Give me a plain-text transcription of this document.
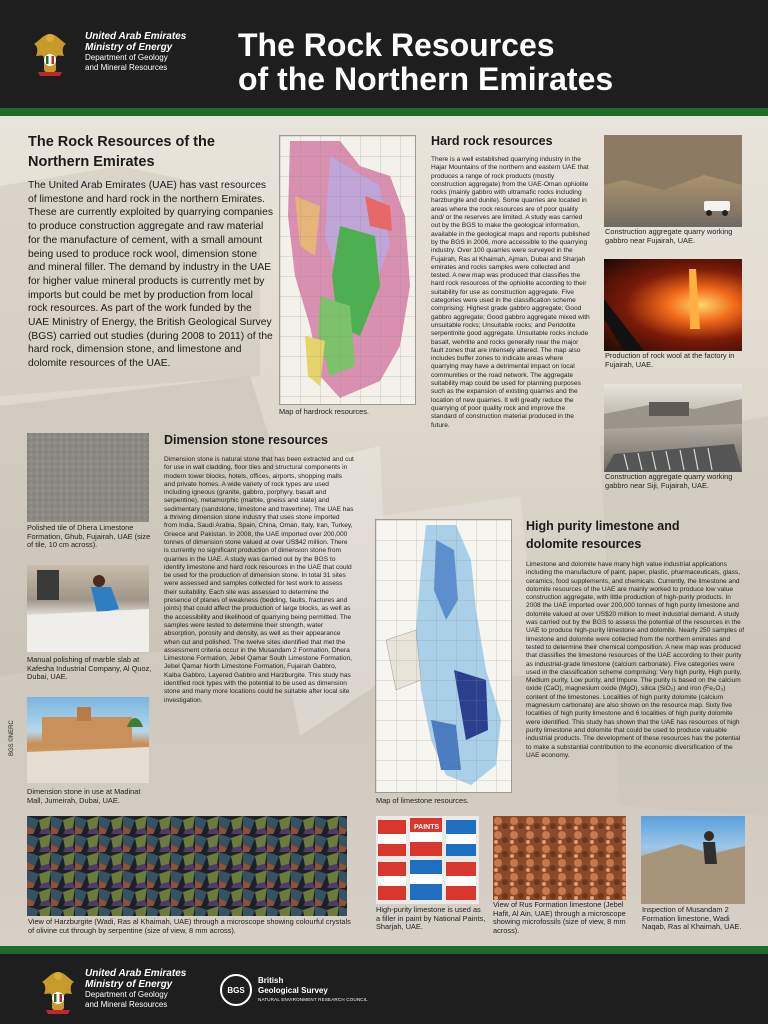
United Arab Emirates
Ministry of Energy
Department of Geology
and Mineral Resources
The Rock Resources
of the Northern Emirates
The Rock Resources of the
Northern Emirates
The United Arab Emirates (UAE) has vast resources of limestone and hard rock in the northern Emirates. These are currently exploited by quarrying companies to produce construction aggregate and raw material for the manufacture of cement, with a small amount being used to produce rock wool, dimension stone and mineral filler. The demand by industry in the UAE for higher value mineral products is currently met by imports but could be met by production from local rock resources. As part of the work funded by the UAE Ministry of Energy, the British Geological Survey (BGS) carried out studies (during 2008 to 2011) of the hard rock, dimension stone, and limestone and dolomite resources of the UAE.
Map of hardrock resources.
Hard rock resources
There is a well established quarrying industry in the Hajar Mountains of the northern and eastern UAE that produces a range of rock products (mostly construction aggregate) from the UAE-Oman ophiolite rocks (mainly gabbro with ultramafic rocks including harzburgite and dunite). Some quarries are located in areas where the rock resources are of poor quality and/ or the reserves are limited. A study was carried out by the BGS to make the geological information, available in the geological maps and reports published by the BGS in 2006, more accessible to the quarrying industry. Over 100 quarries were surveyed in the Fujairah, Ras al Khaimah, Ajman, Dubai and Sharjah emirates and rocks samples were collected and tested. A new map was produced that classifies the hard rock resources of the ophiolite according to their suitability for use as construction aggregate. Five categories were used in the classification scheme comprising: Highest grade gabbro aggregate; Good gabbro aggregate; Good gabbro aggregate mixed with unsuitable rocks; Unsuitable rocks; and Peridotite serpentinite good aggregate. Unsuitable rocks include basalt, wehrlite and rocks generally near the major fault zones that are intensely altered. The map also includes buffer zones to indicate areas where quarrying may have a detrimental impact on local communities or the road network. The aggregate suitability map could be used for planning purposes such as the expansion of existing quarries and the location of new quarries. It will greatly reduce the quarrying of poor quality rock and improve the standard of construction material produced in the future.
Construction aggregate quarry working gabbro near Fujairah, UAE.
Production of rock wool at the factory in Fujairah, UAE.
Construction aggregate quarry working gabbro near Siji, Fujairah, UAE.
Polished tile of Dhera Limestone Formation, Ghub, Fujairah, UAE (size of tile, 10 cm across).
Manual polishing of marble slab at Kafesha Industrial Company, Al Quoz, Dubai, UAE.
Dimension stone in use at Madinat Mall, Jumeirah, Dubai, UAE.
BGS ©NERC
Dimension stone resources
Dimension stone is natural stone that has been extracted and cut for use in wall cladding, floor tiles and structural components in modern tower blocks, hotels, offices, airports, shopping malls and private homes. A wide variety of rock types are used including igneous (granite, gabbro, porphyry, basalt and serpentine), metamorphic (marble, gneiss and slate) and sedimentary (sandstone, limestone and travertine). The UAE has a thriving dimension stone industry that uses stone imported from India, Saudi Arabia, Spain, China, Oman, Italy, Iran, Turkey, Greece and Pakistan. In 2008, the UAE imported over 200,000 tonnes of dimension stone valued at over US$42 million. There is currently no significant production of dimension stone from quarries in the UAE. A study was carried out by the BGS to identify limestone and hard rock resources in the UAE that could be used for the production of dimension stone. In total 31 sites were assessed and samples collected for test work to assess their suitability. Each site was assessed to determine the presence of planes of weakness (bedding, faults, fractures and joints) that could affect the production of large blocks, as well as the accessibility and likelihood of quarrying being permitted. The samples were tested to determine their strength, water absorption, porosity and density, as well as their appearance when cut and polished. The twelve sites identified that met the assessment criteria occur in the Musandam 2 Formation, Dhera Limestone Formation, Jebel Qamar South Limestone Formation, Jebel Qamar North Limestone Formation, Fujairah Gabbro, Kalba Gabbro, Layered Gabbro and Harzburgite. This study has identified rock types with the potential to be used as dimension stone and many more locations could be suitable after local site investigation.
Map of limestone resources.
High purity limestone and
dolomite resources
Limestone and dolomite have many high value industrial applications including the manufacture of paint, paper, plastic, pharmaceuticals, glass, ceramics, food supplements, and chemicals. Currently, the limestone and dolomite resources of the UAE are mainly worked to produce low value construction aggregate, with little production of high-purity products. In 2008 the UAE imported over 200,000 tonnes of high purity limestone and dolomite valued at over US$20 million to meet industrial demand. A study was carried out by the BGS to assess the potential of the resources in the UAE to produce high-purity limestone and dolomite. Nearly 250 samples of limestone and dolomite were collected from the northern emirates and tested to determine their chemical composition. A new map was produced that classifies the limestone resources of the UAE according to their purity as industrial-grade limestone (calcium carbonate). Five categories were used in the classification scheme comprising: Very high purity, High purity, Medium purity, Low purity, and Impure. The purity is based on the calcium oxide (CaO), magnesium oxide (MgO), silica (SiO₂) and iron (Fe₂O₃) content of the limestones. Localities of high purity dolomite (calcium magnesium carbonate) are also shown on the resource map. Sixty five localities of high purity limestone and 6 localities of high purity dolomite were identified. This study has shown that the UAE has resources of high purity limestone and dolomite that could be used to produce valuable industrial products. The development of these resources has the potential to make a substantial contribution to the economic diversification of the UAE economy.
View of Harzburgite (Wadi, Ras al Khaimah, UAE) through a microscope showing colourful crystals of olivine cut through by serpentine (size of view, 8 mm across).
PAINTS
High-purity limestone is used as a filler in paint by National Paints, Sharjah, UAE.
View of Rus Formation limestone (Jebel Hafit, Al Ain, UAE) through a microscope showing microfossils (size of view, 8 mm across).
Inspection of Musandam 2 Formation limestone, Wadi Naqab, Ras al Khaimah, UAE.
United Arab Emirates
Ministry of Energy
Department of Geology
and Mineral Resources
BGS
British
Geological Survey
NATURAL ENVIRONMENT RESEARCH COUNCIL
